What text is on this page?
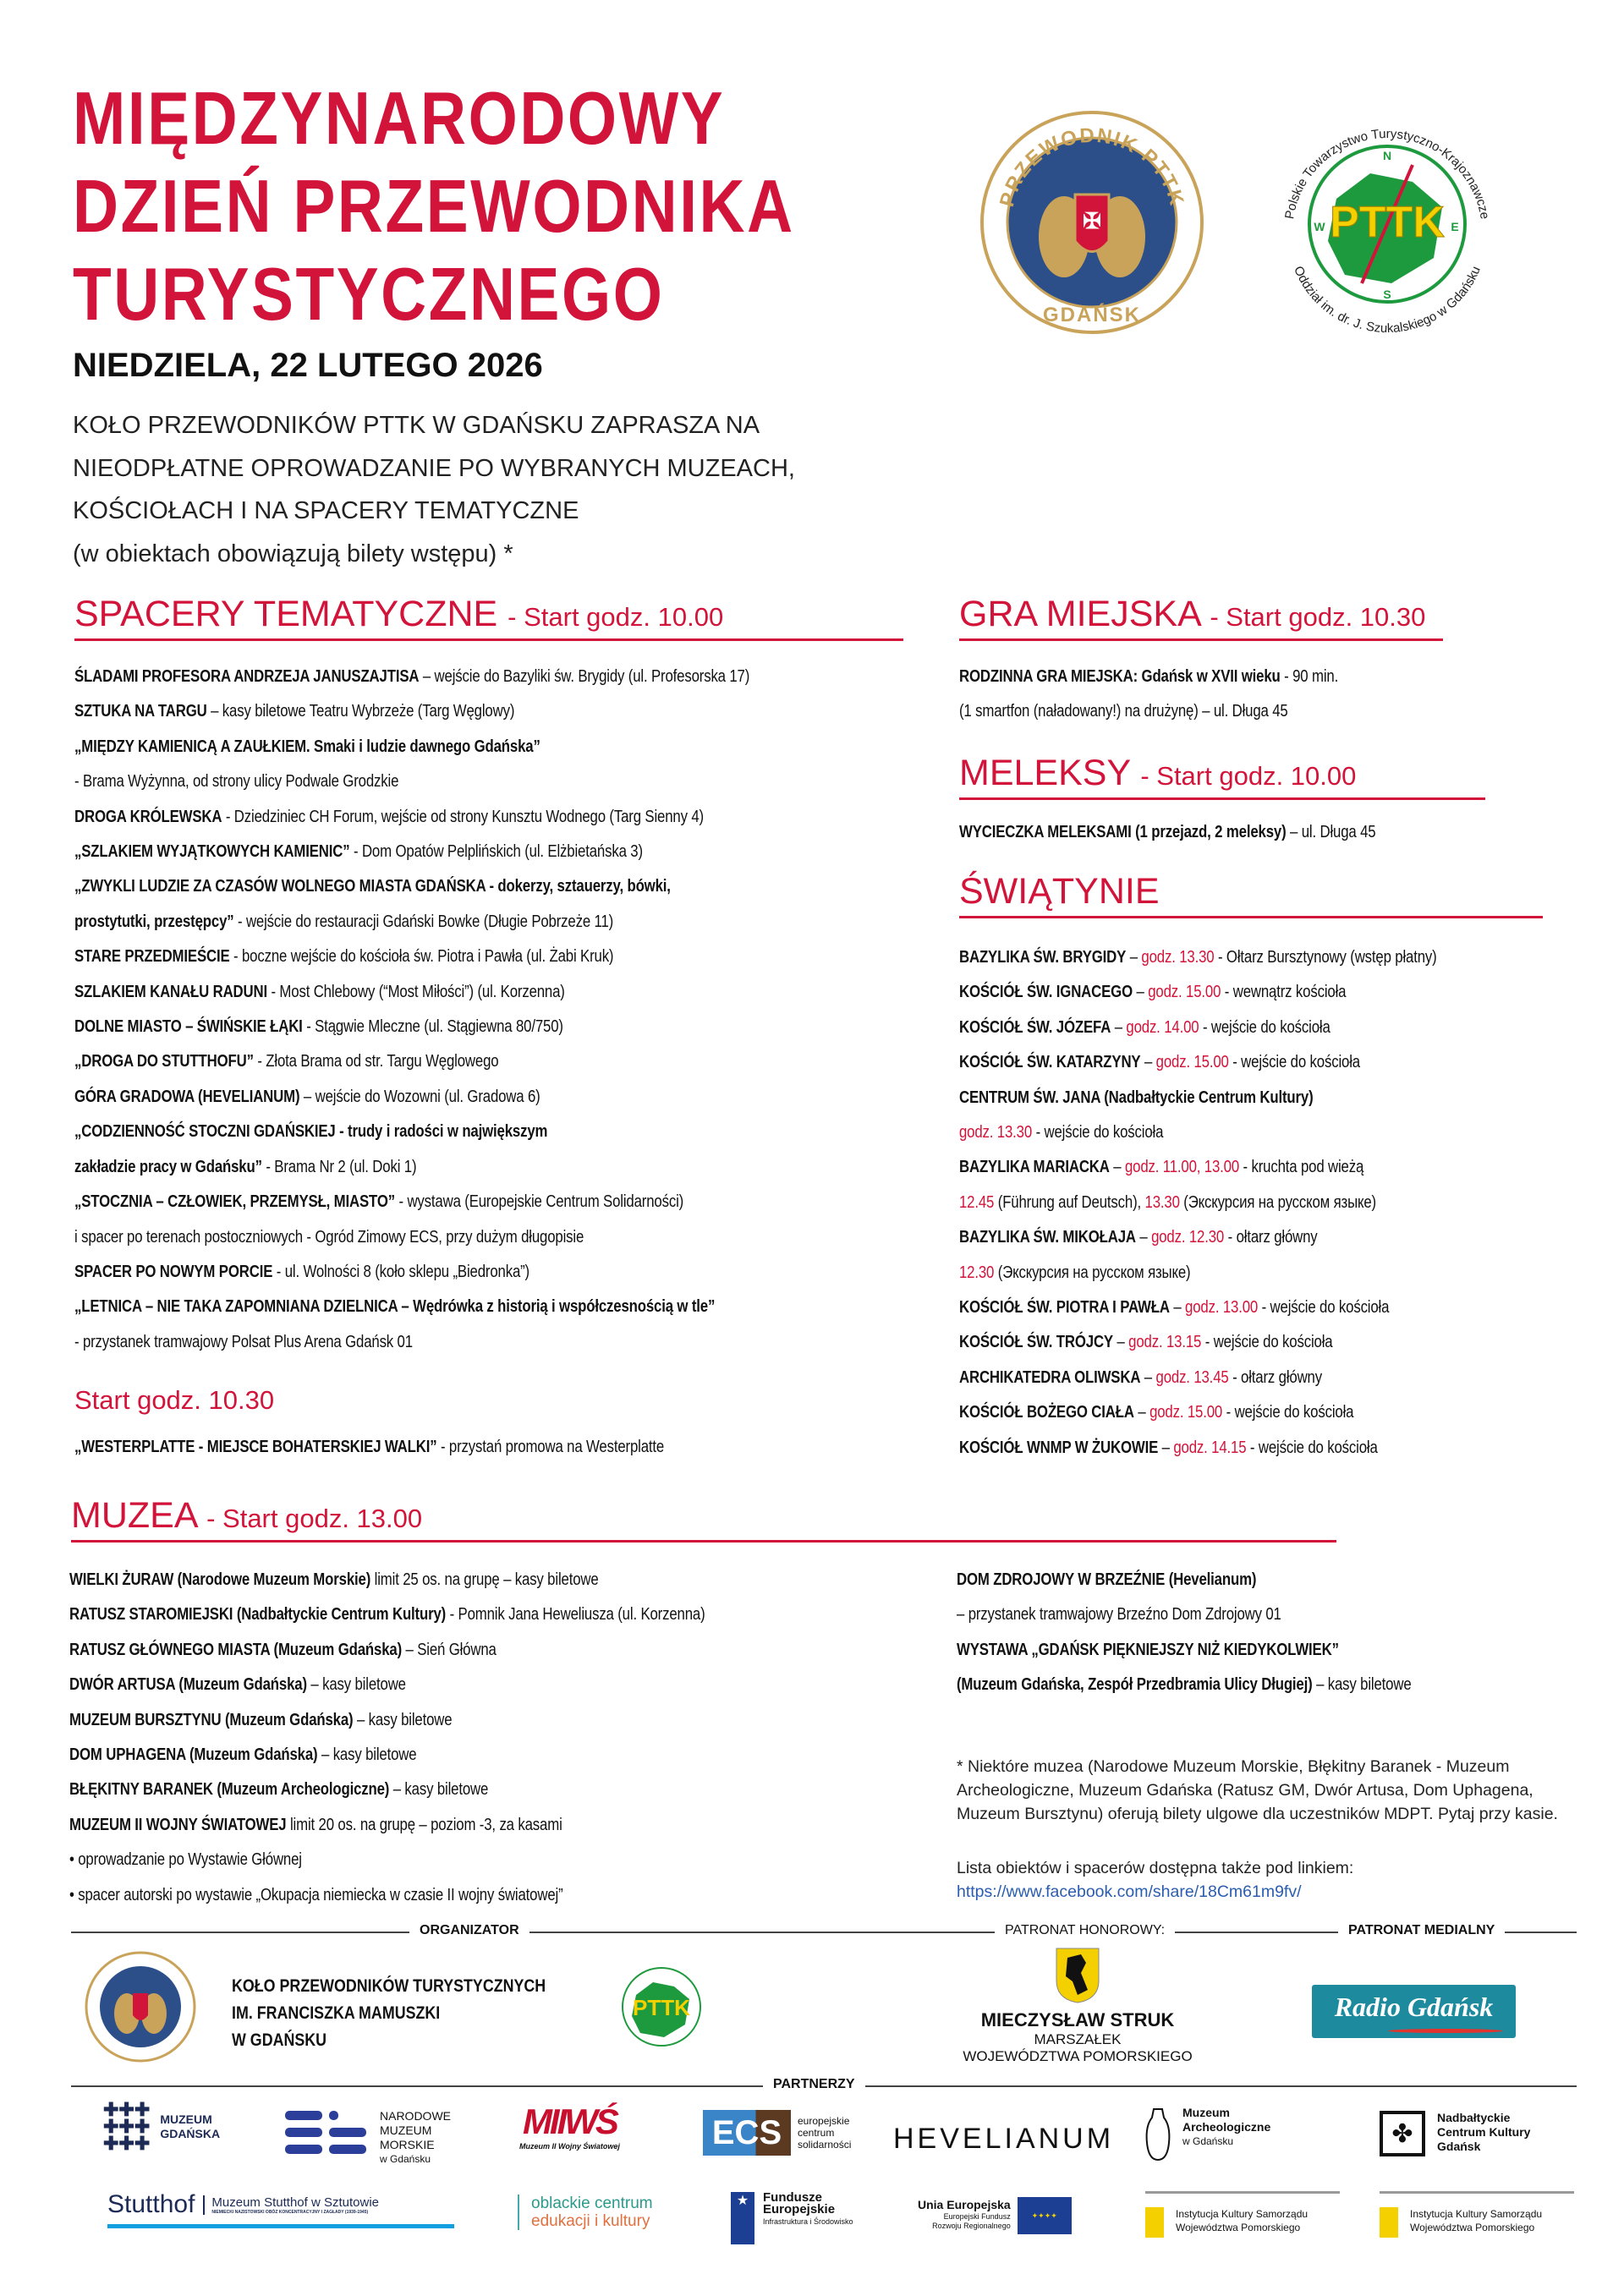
MIĘDZYNARODOWY
DZIEŃ PRZEWODNIKA
TURYSTYCZNEGO
✠
PRZEWODNIK PTTK
GDAŃSK
PTTK
N
S
W	E
Polskie Towarzystwo Turystyczno-Krajoznawcze
Oddział im. dr. J. Szukalskiego w Gdańsku
NIEDZIELA, 22 LUTEGO 2026
KOŁO PRZEWODNIKÓW PTTK W GDAŃSKU ZAPRASZA NA
NIEODPŁATNE OPROWADZANIE PO WYBRANYCH MUZEACH,
KOŚCIOŁACH I NA SPACERY TEMATYCZNE
(w obiektach obowiązują bilety wstępu) *
SPACERY TEMATYCZNE - Start godz. 10.00
ŚLADAMI PROFESORA ANDRZEJA JANUSZAJTISA – wejście do Bazyliki św. Brygidy (ul. Profesorska 17)
SZTUKA NA TARGU – kasy biletowe Teatru Wybrzeże (Targ Węglowy)
„MIĘDZY KAMIENICĄ A ZAUŁKIEM. Smaki i ludzie dawnego Gdańska”
- Brama Wyżynna, od strony ulicy Podwale Grodzkie
DROGA KRÓLEWSKA - Dziedziniec CH Forum, wejście od strony Kunsztu Wodnego (Targ Sienny 4)
„SZLAKIEM WYJĄTKOWYCH KAMIENIC” - Dom Opatów Pelplińskich (ul. Elżbietańska 3)
„ZWYKLI LUDZIE ZA CZASÓW WOLNEGO MIASTA GDAŃSKA - dokerzy, sztauerzy, bówki,
prostytutki, przestępcy” - wejście do restauracji Gdański Bowke (Długie Pobrzeże 11)
STARE PRZEDMIEŚCIE - boczne wejście do kościoła św. Piotra i Pawła (ul. Żabi Kruk)
SZLAKIEM KANAŁU RADUNI - Most Chlebowy (“Most Miłości”) (ul. Korzenna)
DOLNE MIASTO – ŚWIŃSKIE ŁĄKI - Stągwie Mleczne (ul. Stągiewna 80/750)
„DROGA DO STUTTHOFU” - Złota Brama od str. Targu Węglowego
GÓRA GRADOWA (HEVELIANUM) – wejście do Wozowni (ul. Gradowa 6)
„CODZIENNOŚĆ STOCZNI GDAŃSKIEJ - trudy i radości w największym
zakładzie pracy w Gdańsku” - Brama Nr 2 (ul. Doki 1)
„STOCZNIA – CZŁOWIEK, PRZEMYSŁ, MIASTO” - wystawa (Europejskie Centrum Solidarności)
i spacer po terenach postoczniowych - Ogród Zimowy ECS, przy dużym długopisie
SPACER PO NOWYM PORCIE - ul. Wolności 8 (koło sklepu „Biedronka”)
„LETNICA – NIE TAKA ZAPOMNIANA DZIELNICA – Wędrówka z historią i współczesnością w tle”
- przystanek tramwajowy Polsat Plus Arena Gdańsk 01
Start godz. 10.30
„WESTERPLATTE - MIEJSCE BOHATERSKIEJ WALKI” - przystań promowa na Westerplatte
GRA MIEJSKA - Start godz. 10.30
RODZINNA GRA MIEJSKA: Gdańsk w XVII wieku - 90 min.
(1 smartfon (naładowany!) na drużynę) – ul. Długa 45
MELEKSY - Start godz. 10.00
WYCIECZKA MELEKSAMI (1 przejazd, 2 meleksy) – ul. Długa 45
ŚWIĄTYNIE
BAZYLIKA ŚW. BRYGIDY – godz. 13.30 - Ołtarz Bursztynowy (wstęp płatny)
KOŚCIÓŁ ŚW. IGNACEGO – godz. 15.00 - wewnątrz kościoła
KOŚCIÓŁ ŚW. JÓZEFA – godz. 14.00 - wejście do kościoła
KOŚCIÓŁ ŚW. KATARZYNY – godz. 15.00 - wejście do kościoła
CENTRUM ŚW. JANA (Nadbałtyckie Centrum Kultury)
godz. 13.30 - wejście do kościoła
BAZYLIKA MARIACKA – godz. 11.00, 13.00 - kruchta pod wieżą
12.45 (Führung auf Deutsch), 13.30 (Экскурсия на русском языке)
BAZYLIKA ŚW. MIKOŁAJA – godz. 12.30 - ołtarz główny
12.30 (Экскурсия на русском языке)
KOŚCIÓŁ ŚW. PIOTRA I PAWŁA – godz. 13.00 - wejście do kościoła
KOŚCIÓŁ ŚW. TRÓJCY – godz. 13.15 - wejście do kościoła
ARCHIKATEDRA OLIWSKA – godz. 13.45 - ołtarz główny
KOŚCIÓŁ BOŻEGO CIAŁA – godz. 15.00 - wejście do kościoła
KOŚCIÓŁ WNMP W ŻUKOWIE – godz. 14.15 - wejście do kościoła
MUZEA - Start godz. 13.00
WIELKI ŻURAW (Narodowe Muzeum Morskie) limit 25 os. na grupę – kasy biletowe
RATUSZ STAROMIEJSKI (Nadbałtyckie Centrum Kultury) - Pomnik Jana Heweliusza (ul. Korzenna)
RATUSZ GŁÓWNEGO MIASTA (Muzeum Gdańska) – Sień Główna
DWÓR ARTUSA (Muzeum Gdańska) – kasy biletowe
MUZEUM BURSZTYNU (Muzeum Gdańska) – kasy biletowe
DOM UPHAGENA (Muzeum Gdańska) – kasy biletowe
BŁĘKITNY BARANEK (Muzeum Archeologiczne) – kasy biletowe
MUZEUM II WOJNY ŚWIATOWEJ limit 20 os. na grupę – poziom -3, za kasami
• oprowadzanie po Wystawie Głównej
• spacer autorski po wystawie „Okupacja niemiecka w czasie II wojny światowej”
DOM ZDROJOWY W BRZEŹNIE (Hevelianum)
– przystanek tramwajowy Brzeźno Dom Zdrojowy 01
WYSTAWA „GDAŃSK PIĘKNIEJSZY NIŻ KIEDYKOLWIEK”
(Muzeum Gdańska, Zespół Przedbramia Ulicy Długiej) – kasy biletowe
* Niektóre muzea (Narodowe Muzeum Morskie, Błękitny Baranek - Muzeum
Archeologiczne, Muzeum Gdańska (Ratusz GM, Dwór Artusa, Dom Uphagena,
Muzeum Bursztynu) oferują bilety ulgowe dla uczestników MDPT. Pytaj przy kasie.
Lista obiektów i spacerów dostępna także pod linkiem:
https://www.facebook.com/share/18Cm61m9fv/
ORGANIZATOR	PATRONAT HONOROWY:	PATRONAT MEDIALNY
KOŁO PRZEWODNIKÓW TURYSTYCZNYCH
IM. FRANCISZKA MAMUSZKI
W GDAŃSKU
PTTK	MIECZYSŁAW STRUK
MARSZAŁEK
WOJEWÓDZTWA POMORSKIEGO
Radio Gdańsk
PARTNERZY
✚✚✚
✚✚✚
✚✚✚
MUZEUM
GDAŃSKA
NARODOWE
MUZEUM
MORSKIE
w Gdańsku
MIIWŚ
Muzeum II Wojny Światowej	ECS	europejskie
centrum
solidarności HEVELIANUM
Muzeum
Archeologiczne
w Gdańsku	✤
Nadbałtyckie
Centrum Kultury
Gdańsk
Stutthof Muzeum Stutthof w Sztutowie
NIEMIECKI NAZISTOWSKI OBÓZ KONCENTRACYJNY I ZAGŁADY (1939-1945)	oblackie centrum
edukacji i kultury
★	Fundusze
Europejskie
Infrastruktura i Środowisko
Unia Europejska
Europejski Fundusz
Rozwoju Regionalnego
✦✦✦✦	Instytucja Kultury Samorządu
Województwa Pomorskiego
Instytucja Kultury Samorządu
Województwa Pomorskiego
